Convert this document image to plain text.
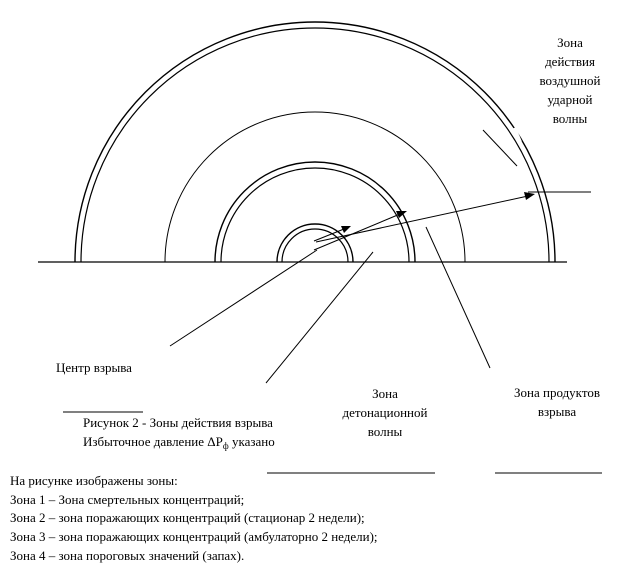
Зона
действия
воздушной
ударной
волны
Центр взрыва
Зона
детонационной
волны
Зона продуктов
взрыва
Рисунок 2 - Зоны действия взрыва
Избыточное давление $\Delta P_ф$ указано
На рисунке изображены зоны:
Зона 1 – Зона смертельных концентраций;
Зона 2 – зона поражающих концентраций (стационар 2 недели);
Зона 3 – зона поражающих концентраций (амбулаторно 2 недели);
Зона 4 – зона пороговых значений (запах).
